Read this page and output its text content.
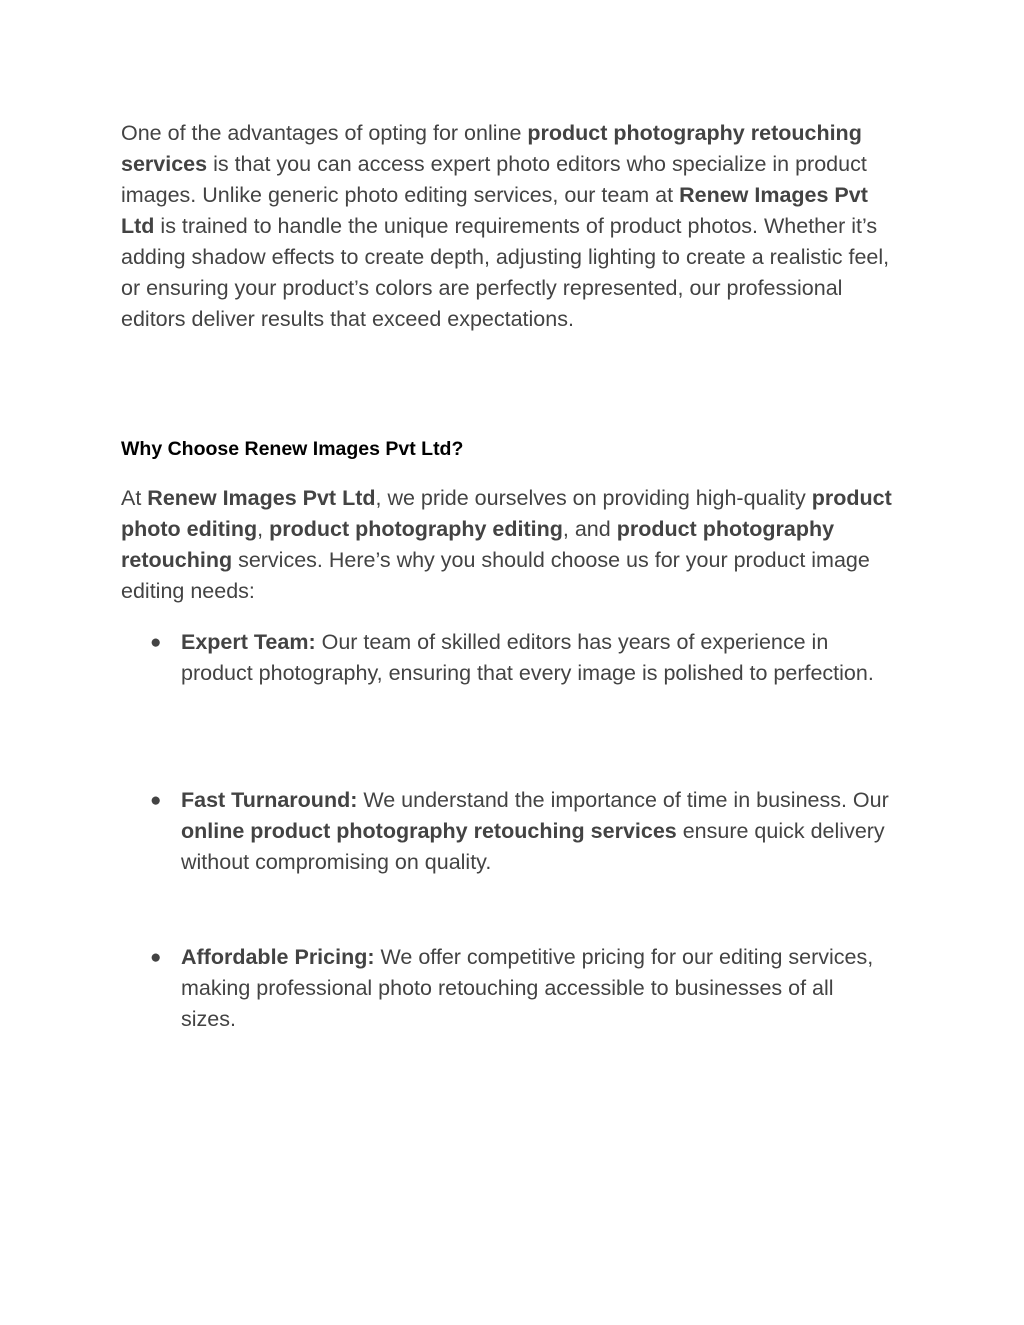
One of the advantages of opting for online product photography retouching services is that you can access expert photo editors who specialize in product images. Unlike generic photo editing services, our team at Renew Images Pvt Ltd is trained to handle the unique requirements of product photos. Whether it’s adding shadow effects to create depth, adjusting lighting to create a realistic feel, or ensuring your product’s colors are perfectly represented, our professional editors deliver results that exceed expectations.

Why Choose Renew Images Pvt Ltd?

At Renew Images Pvt Ltd, we pride ourselves on providing high-quality product photo editing, product photography editing, and product photography retouching services. Here’s why you should choose us for your product image editing needs:

● Expert Team: Our team of skilled editors has years of experience in product photography, ensuring that every image is polished to perfection.
● Fast Turnaround: We understand the importance of time in business. Our online product photography retouching services ensure quick delivery without compromising on quality.
● Affordable Pricing: We offer competitive pricing for our editing services, making professional photo retouching accessible to businesses of all sizes.
